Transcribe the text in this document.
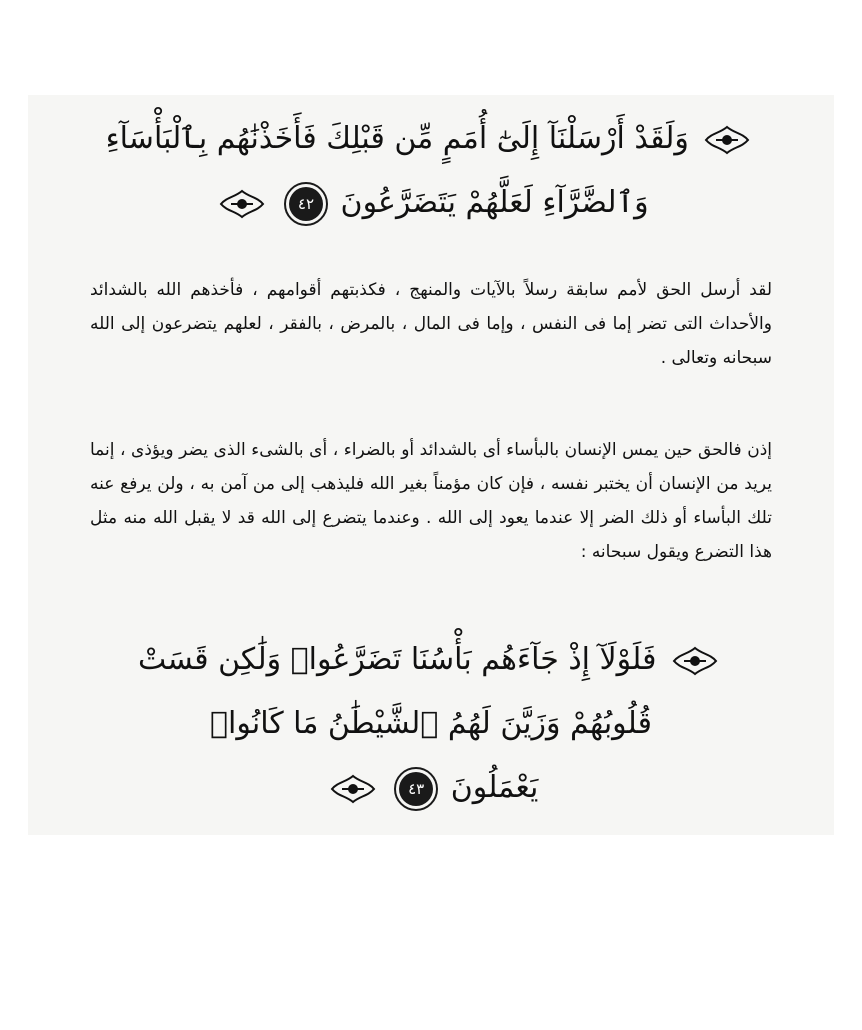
وَلَقَدْ أَرْسَلْنَآ إِلَىٰٓ أُمَمٍ مِّن قَبْلِكَ فَأَخَذْنَٰهُم بِٱلْبَأْسَآءِ
وَٱلضَّرَّآءِ لَعَلَّهُمْ يَتَضَرَّعُونَ ٤٢

لقد أرسل الحق لأمم سابقة رسلاً بالآيات والمنهج ، فكذبتهم أقوامهم ، فأخذهم الله بالشدائد والأحداث التى تضر إما فى النفس ، وإما فى المال ، بالمرض ، بالفقر ، لعلهم يتضرعون إلى الله سبحانه وتعالى .

إذن فالحق حين يمس الإنسان بالبأساء أى بالشدائد أو بالضراء ، أى بالشىء الذى يضر ويؤذى ، إنما يريد من الإنسان أن يختبر نفسه ، فإن كان مؤمناً بغير الله فليذهب إلى من آمن به ، ولن يرفع عنه تلك البأساء أو ذلك الضر إلا عندما يعود إلى الله . وعندما يتضرع إلى الله قد لا يقبل الله منه مثل هذا التضرع ويقول سبحانه :

فَلَوْلَآ إِذْ جَآءَهُم بَأْسُنَا تَضَرَّعُوا۟ وَلَٰكِن قَسَتْ
قُلُوبُهُمْ وَزَيَّنَ لَهُمُ ٱلشَّيْطَٰنُ مَا كَانُوا۟
يَعْمَلُونَ ٤٣
